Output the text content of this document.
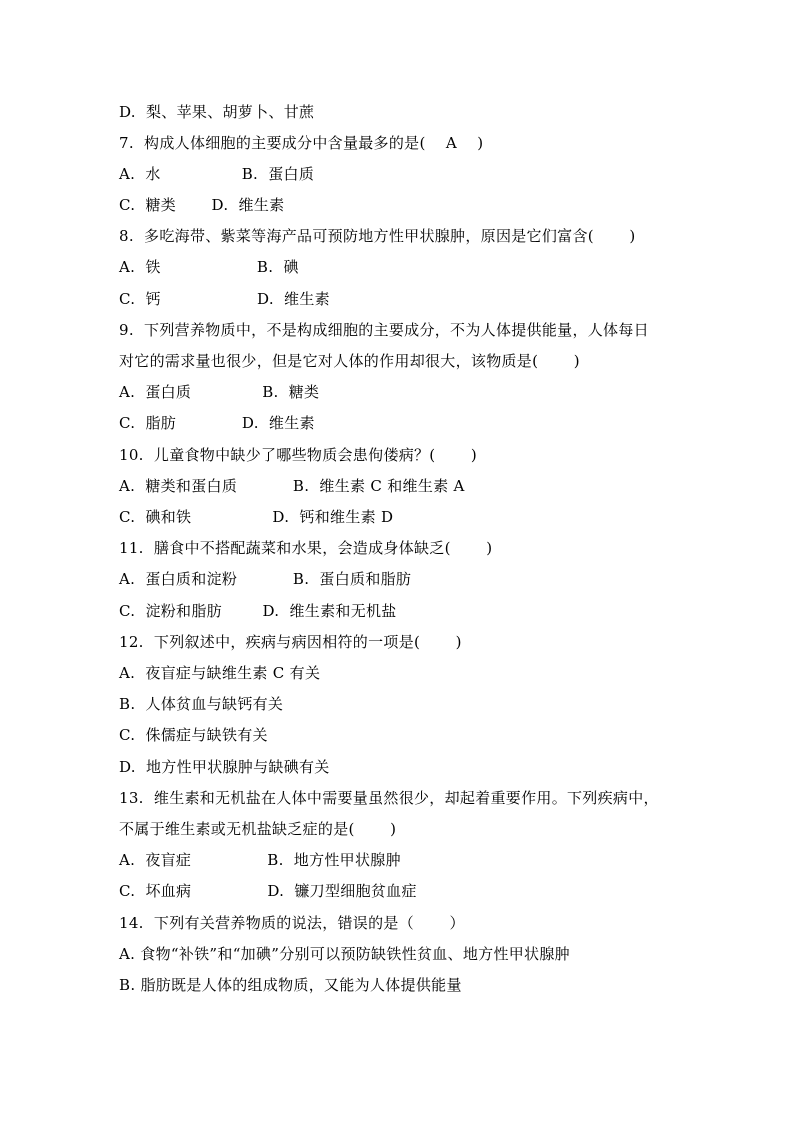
D.  梨、苹果、胡萝卜、甘蔗
7.  构成人体细胞的主要成分中含量最多的是(    A    )
A.  水                B.  蛋白质
C.  糖类       D.  维生素
8.  多吃海带、紫菜等海产品可预防地方性甲状腺肿，原因是它们富含(       )
A.  铁                   B.  碘
C.  钙                   D.  维生素
9.  下列营养物质中，不是构成细胞的主要成分，不为人体提供能量，人体每日
对它的需求量也很少，但是它对人体的作用却很大，该物质是(       )
A.  蛋白质              B.  糖类
C.  脂肪             D.  维生素
10.  儿童食物中缺少了哪些物质会患佝偻病？(       )
A.  糖类和蛋白质           B.  维生素 C 和维生素 A
C.  碘和铁                D.  钙和维生素 D
11.  膳食中不搭配蔬菜和水果，会造成身体缺乏(       )
A.  蛋白质和淀粉           B.  蛋白质和脂肪
C.  淀粉和脂肪        D.  维生素和无机盐
12.  下列叙述中，疾病与病因相符的一项是(       )
A.  夜盲症与缺维生素 C 有关
B.  人体贫血与缺钙有关
C.  侏儒症与缺铁有关
D.  地方性甲状腺肿与缺碘有关
13.  维生素和无机盐在人体中需要量虽然很少，却起着重要作用。下列疾病中，
不属于维生素或无机盐缺乏症的是(       )
A.  夜盲症               B.  地方性甲状腺肿
C.  坏血病               D.  镰刀型细胞贫血症
14.  下列有关营养物质的说法，错误的是（       ）
A. 食物“补铁”和“加碘”分别可以预防缺铁性贫血、地方性甲状腺肿
B. 脂肪既是人体的组成物质，又能为人体提供能量
